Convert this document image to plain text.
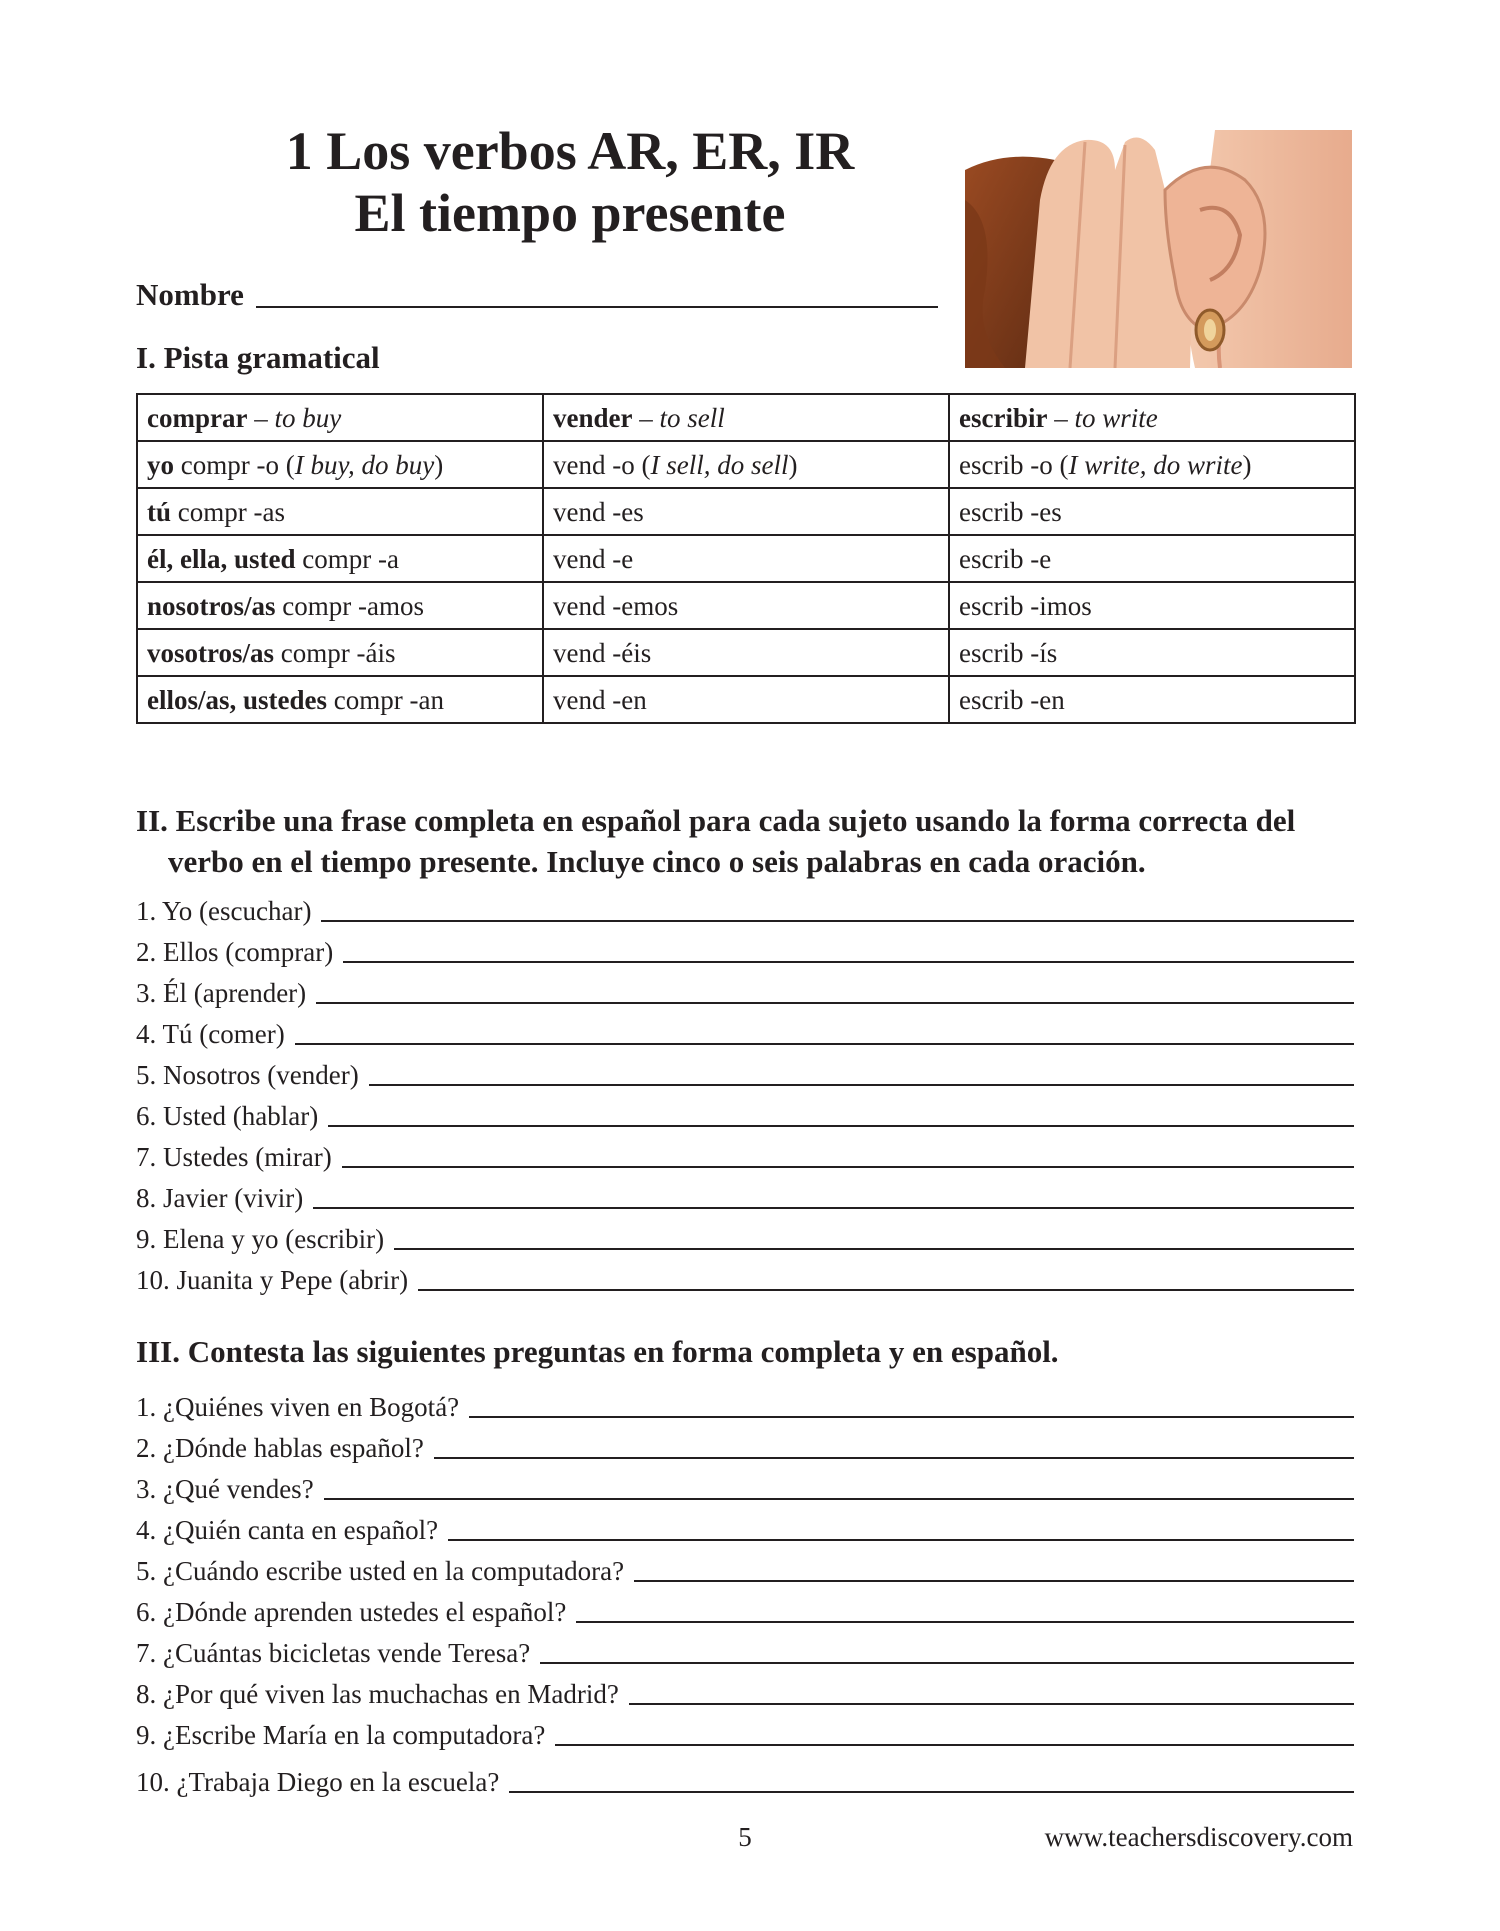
1 Los verbos AR, ER, IR
El tiempo presente
Nombre
I. Pista gramatical
comprar – to buy	vender – to sell	escribir – to write
yo compr -o (I buy, do buy)	vend -o (I sell, do sell)	escrib -o (I write, do write)
tú compr -as	vend -es	escrib -es
él, ella, usted compr -a	vend -e	escrib -e
nosotros/as compr -amos	vend -emos	escrib -imos
vosotros/as compr -áis	vend -éis	escrib -ís
ellos/as, ustedes compr -an	vend -en	escrib -en
II. Escribe una frase completa en español para cada sujeto usando la forma correcta del
verbo en el tiempo presente. Incluye cinco o seis palabras en cada oración.
1. Yo (escuchar)
2. Ellos (comprar)
3. Él (aprender)
4. Tú (comer)
5. Nosotros (vender)
6. Usted (hablar)
7. Ustedes (mirar)
8. Javier (vivir)
9. Elena y yo (escribir)
10. Juanita y Pepe (abrir)
III. Contesta las siguientes preguntas en forma completa y en español.
1. ¿Quiénes viven en Bogotá?
2. ¿Dónde hablas español?
3. ¿Qué vendes?
4. ¿Quién canta en español?
5. ¿Cuándo escribe usted en la computadora?
6. ¿Dónde aprenden ustedes el español?
7. ¿Cuántas bicicletas vende Teresa?
8. ¿Por qué viven las muchachas en Madrid?
9. ¿Escribe María en la computadora?
10. ¿Trabaja Diego en la escuela?
5	www.teachersdiscovery.com
